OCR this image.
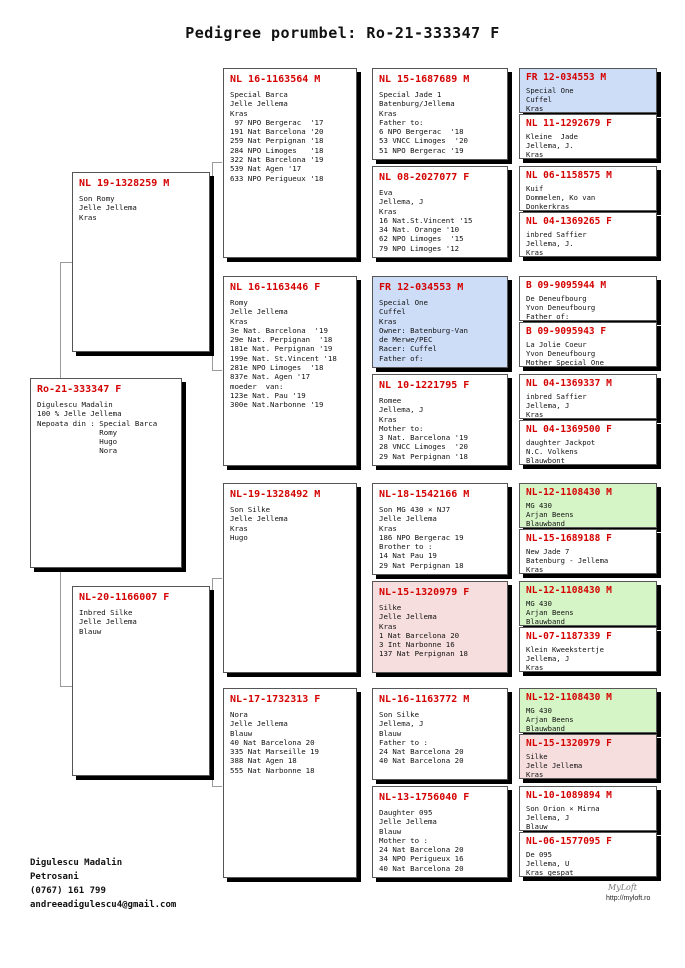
Pedigree porumbel: Ro-21-333347 F
Ro-21-333347 F
Digulescu Madalin
100 % Jelle Jellema
Nepoata din : Special Barca
Romy
Hugo
Nora
NL 19-1328259 M
Son Romy
Jelle Jellema
Kras
NL-20-1166007 F
Inbred Silke
Jelle Jellema
Blauw
NL 16-1163564 M
Special Barca
Jelle Jellema
Kras
97 NPO Bergerac  '17
191 Nat Barcelona '20
259 Nat Perpignan '18
284 NPO Limoges   '18
322 Nat Barcelona '19
539 Nat Agen '17
633 NPO Perigueux '18
NL 16-1163446 F
Romy
Jelle Jellema
Kras
3e Nat. Barcelona  '19
29e Nat. Perpignan  '18
181e Nat. Perpignan '19
199e Nat. St.Vincent '18
281e NPO Limoges  '18
837e Nat. Agen '17
moeder  van:
123e Nat. Pau '19
300e Nat.Narbonne '19
NL-19-1328492 M
Son Silke
Jelle Jellema
Kras
Hugo
NL-17-1732313 F
Nora
Jelle Jellema
Blauw
40 Nat Barcelona 20
335 Nat Marseille 19
388 Nat Agen 18
555 Nat Narbonne 18
NL 15-1687689 M
Special Jade 1
Batenburg/Jellema
Kras
Father to:
6 NPO Bergerac  '18
53 VNCC Limoges  '20
51 NPO Bergerac '19
NL 08-2027077 F
Eva
Jellema, J
Kras
16 Nat.St.Vincent '15
34 Nat. Orange '10
62 NPO Limoges  '15
79 NPO Limoges '12
FR 12-034553 M
Special One
Cuffel
Kras
Owner: Batenburg-Van
de Merwe/PEC
Racer: Cuffel
Father of:
NL 10-1221795 F
Romee
Jellema, J
Kras
Mother to:
3 Nat. Barcelona '19
28 VNCC Limoges  '20
29 Nat Perpignan '18
NL-18-1542166 M
Son MG 430 × NJ7
Jelle Jellema
Kras
186 NPO Bergerac 19
Brother to :
14 Nat Pau 19
29 Nat Perpignan 18
NL-15-1320979 F
Silke
Jelle Jellema
Kras
1 Nat Barcelona 20
3 Int Narbonne 16
137 Nat Perpignan 18
NL-16-1163772 M
Son Silke
Jellema, J
Blauw
Father to :
24 Nat Barcelona 20
40 Nat Barcelona 20
NL-13-1756040 F
Daughter 095
Jelle Jellema
Blauw
Mother to :
24 Nat Barcelona 20
34 NPO Perigueux 16
40 Nat Barcelona 20
FR 12-034553 M
Special One
Cuffel
Kras
NL 11-1292679 F
Kleine  Jade
Jellema, J.
Kras
NL 06-1158575 M
Kuif
Dommelen, Ko van
Donkerkras
NL 04-1369265 F
inbred Saffier
Jellema, J.
Kras
B 09-9095944 M
De Deneufbourg
Yvon Deneufbourg
Father of:
B 09-9095943 F
La Jolie Coeur
Yvon Deneufbourg
Mother Special One
NL 04-1369337 M
inbred Saffier
Jellema, J
Kras
NL 04-1369500 F
daughter Jackpot
N.C. Volkens
Blauwbont
NL-12-1108430 M
MG 430
Arjan Beens
Blauwband
NL-15-1689188 F
New Jade 7
Batenburg - Jellema
Kras
NL-12-1108430 M
MG 430
Arjan Beens
Blauwband
NL-07-1187339 F
Klein Kweekstertje
Jellema, J
Kras
NL-12-1108430 M
MG 430
Arjan Beens
Blauwband
NL-15-1320979 F
Silke
Jelle Jellema
Kras
NL-10-1089894 M
Son Orion × Mirna
Jellema, J
Blauw
NL-06-1577095 F
De 095
Jellema, U
Kras gespat
Digulescu Madalin
Petrosani
(0767) 161 799
andreeadigulescu4@gmail.com
MyLoft
http://myloft.ro
